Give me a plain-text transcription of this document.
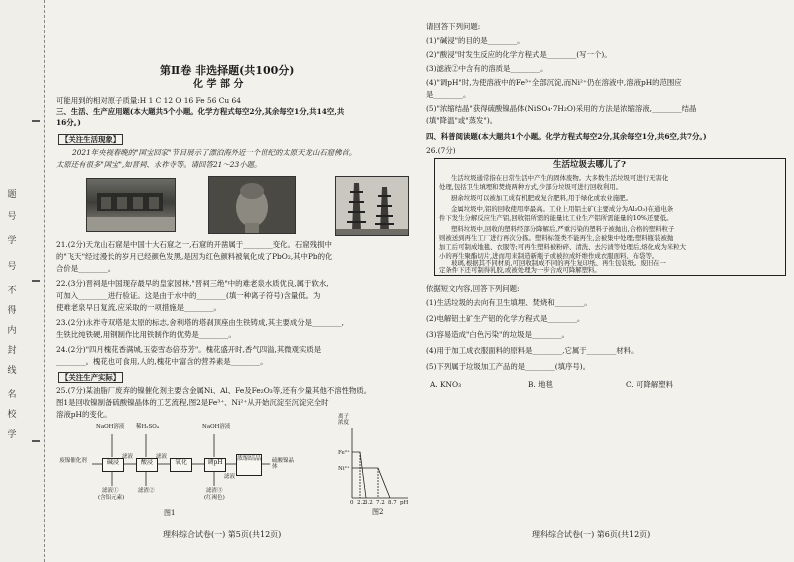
题
号
学
号
不
得
内
封
线
名
校
学
第Ⅱ卷 非选择题(共100分)
化 学 部 分
可能用到的相对原子质量:H 1 C 12 O 16 Fe 56 Cu 64
三、生活、生产应用题(本大题共5个小题。化学方程式每空2分,其余每空1分,共14空,共
16分。)
【关注生活现象】
2021年央视春晚的"国宝回家"节目展示了漂泊海外近一个世纪的太原天龙山石窟佛首。
太原还有很多"国宝",如晋祠、永祚寺等。请回答21～23小题。
21.(2分)天龙山石窟是中国十大石窟之一,石窟的开凿属于________变化。石窟残损中
的"飞天"经过漫长的岁月已经颜色发黑,是因为红色颜料被氧化成了PbO₂,其中Pb的化
合价是________。
22.(3分)晋祠是中国现存最早的皇家园林,"晋祠三绝"中的难老泉水质优良,属于软水,
可加入________进行验证。这是由于水中的________(填一种离子符号)含量低。为
使难老泉早日复流,应采取的一项措施是________。
23.(2分)永祚寺双塔是太原的标志,舍利塔的塔刹顶座由生铁铸成,其主要成分是________,
生铁比纯铁硬,用钢制作比用铁制作的优势是________。
24.(2分)"四月槐花香满城,玉姿雪态倍芬芳"。槐花盛开时,香气四溢,其微观实质是
________。槐花也可食用,人的,槐花中富含的营养素是________。
【关注生产实际】
25.(7分)某油脂厂废弃的镍催化剂主要含金属Ni、Al、Fe及Fe₂O₃等,还有少量其他不溶性物质。
图1是回收镍制备硫酸镍晶体的工艺流程,图2是Fe³⁺、Ni²⁺从开始沉淀至沉淀完全时
溶液pH的变化。
NaOH溶液 稀H₂SO₄	NaOH溶液
废镍催化剂	碱浸	酸浸	氧化	调pH
浓缩结晶 硫酸镍晶体
滤液	滤液
滤液
滤液①
(含铝元素)
滤渣②	滤渣③
(红褐色)
图1
离子浓度
Fe³⁺
Ni²⁺
0 2.2
3.2 7.2 8.7 pH
图2
理科综合试卷(一) 第5页(共12页)
请回答下列问题:
(1)"碱浸"的目的是________。
(2)"酸浸"时发生反应的化学方程式是________(写一个)。
(3)滤液②中含有的溶质是________。
(4)"调pH"时,为使溶液中的Fe³⁺全部沉淀,而Ni²⁺仍在溶液中,溶液pH的范围应
是________。
(5)"浓缩结晶"获得硫酸镍晶体(NiSO₄·7H₂O)采用的方法是浓缩溶液,________结晶
(填"降温"或"蒸发")。
四、科普阅读题(本大题共1个小题。化学方程式每空2分,其余每空1分,共6空,共7分。)
26.(7分)
生活垃圾去哪儿了?
生活垃圾通常指在日常生活中产生的固体废物。大多数生活垃圾可进行无害化
处理,包括卫生填埋和焚烧两种方式,少部分垃圾可进行回收利用。
厨余垃圾可以被加工成有机肥或复合肥料,用于绿化或农业施肥。
金属垃圾中,铝的回收使用率最高。工业上用铝土矿(主要成分为Al₂O₃)在通电条
件下发生分解反应生产铝,回收铝所需的能量比工业生产铝所需能量的10%还要低。
塑料垃圾中,回收的塑料经部分降解后,严重污染的塑料子被抛出,合格的塑料粒子
则被送到再生工厂进行再次分拣。塑料标签类不能再生,会被集中处理;塑料瓶装被抛
加工后可制成地毯、衣服等;可再生塑料被粉碎、清洗、去污渍等处理后,熔化成为米粒大
小的再生聚酯切片,进而用来制造新瓶子或被拉成纤维作成衣服面料、布袋等。
玻璃,根据其不同材质,可回收制成不同的再生复印纸、再生包装纸。废旧在一
定条件下还可制得乳胶,或被处理为一步合成可降解塑料。
依据短文内容,回答下列问题:
(1)生活垃圾的去向有卫生填埋、焚烧和________。
(2)电解铝土矿生产铝的化学方程式是________。
(3)容易造成"白色污染"的垃圾是________。
(4)用于加工成衣服面料的原料是________,它属于________材料。
(5)下列属于垃圾加工产品的是________(填序号)。
A. KNO₃	B. 地毯	C. 可降解塑料
理科综合试卷(一) 第6页(共12页)
